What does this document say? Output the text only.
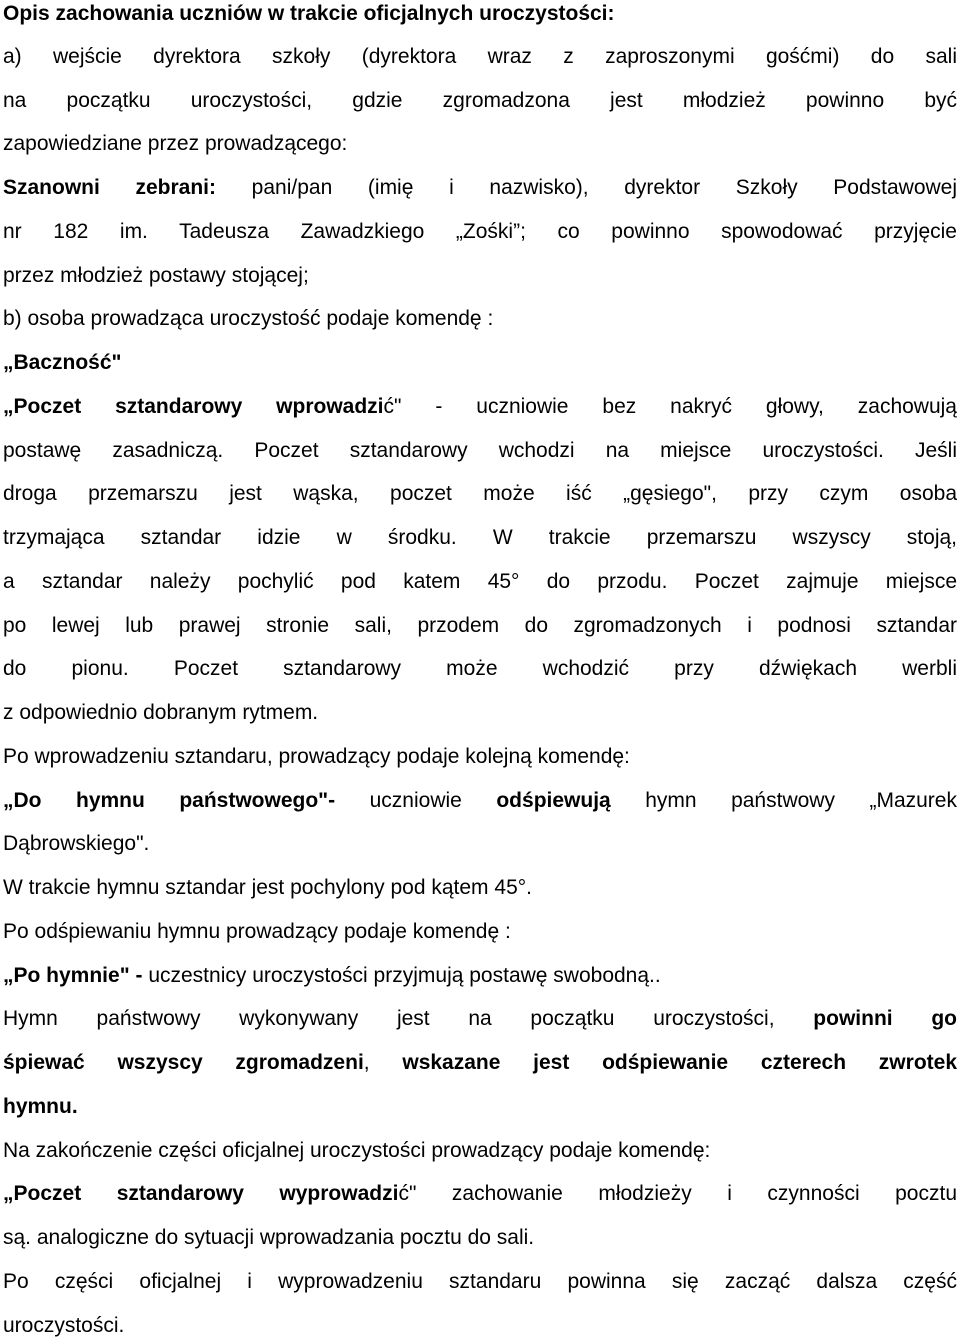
Opis zachowania uczniów w trakcie oficjalnych uroczystości:
a) wejście dyrektora szkoły (dyrektora wraz z zaproszonymi gośćmi) do sali
na początku uroczystości, gdzie zgromadzona jest młodzież powinno być
zapowiedziane przez prowadzącego:
Szanowni zebrani: pani/pan (imię i nazwisko), dyrektor Szkoły Podstawowej
nr 182 im. Tadeusza Zawadzkiego „Zośki”; co powinno spowodować przyjęcie
przez młodzież postawy stojącej;
b) osoba prowadząca uroczystość podaje komendę :
„Baczność"
„Poczet sztandarowy wprowadzić" - uczniowie bez nakryć głowy, zachowują
postawę zasadniczą. Poczet sztandarowy wchodzi na miejsce uroczystości. Jeśli
droga przemarszu jest wąska, poczet może iść „gęsiego", przy czym osoba
trzymająca sztandar idzie w środku. W trakcie przemarszu wszyscy stoją,
a sztandar należy pochylić pod katem 45° do przodu. Poczet zajmuje miejsce
po lewej lub prawej stronie sali, przodem do zgromadzonych i podnosi sztandar
do pionu. Poczet sztandarowy może wchodzić przy dźwiękach werbli
z odpowiednio dobranym rytmem.
Po wprowadzeniu sztandaru, prowadzący podaje kolejną komendę:
„Do hymnu państwowego"- uczniowie odśpiewują hymn państwowy „Mazurek
Dąbrowskiego".
W trakcie hymnu sztandar jest pochylony pod kątem 45°.
Po odśpiewaniu hymnu prowadzący podaje komendę :
„Po hymnie" - uczestnicy uroczystości przyjmują postawę swobodną..
Hymn państwowy wykonywany jest na początku uroczystości, powinni go
śpiewać wszyscy zgromadzeni, wskazane jest odśpiewanie czterech zwrotek
hymnu.
Na zakończenie części oficjalnej uroczystości prowadzący podaje komendę:
„Poczet sztandarowy wyprowadzić" zachowanie młodzieży i czynności pocztu
są. analogiczne do sytuacji wprowadzania pocztu do sali.
Po części oficjalnej i wyprowadzeniu sztandaru powinna się zacząć dalsza część
uroczystości.
